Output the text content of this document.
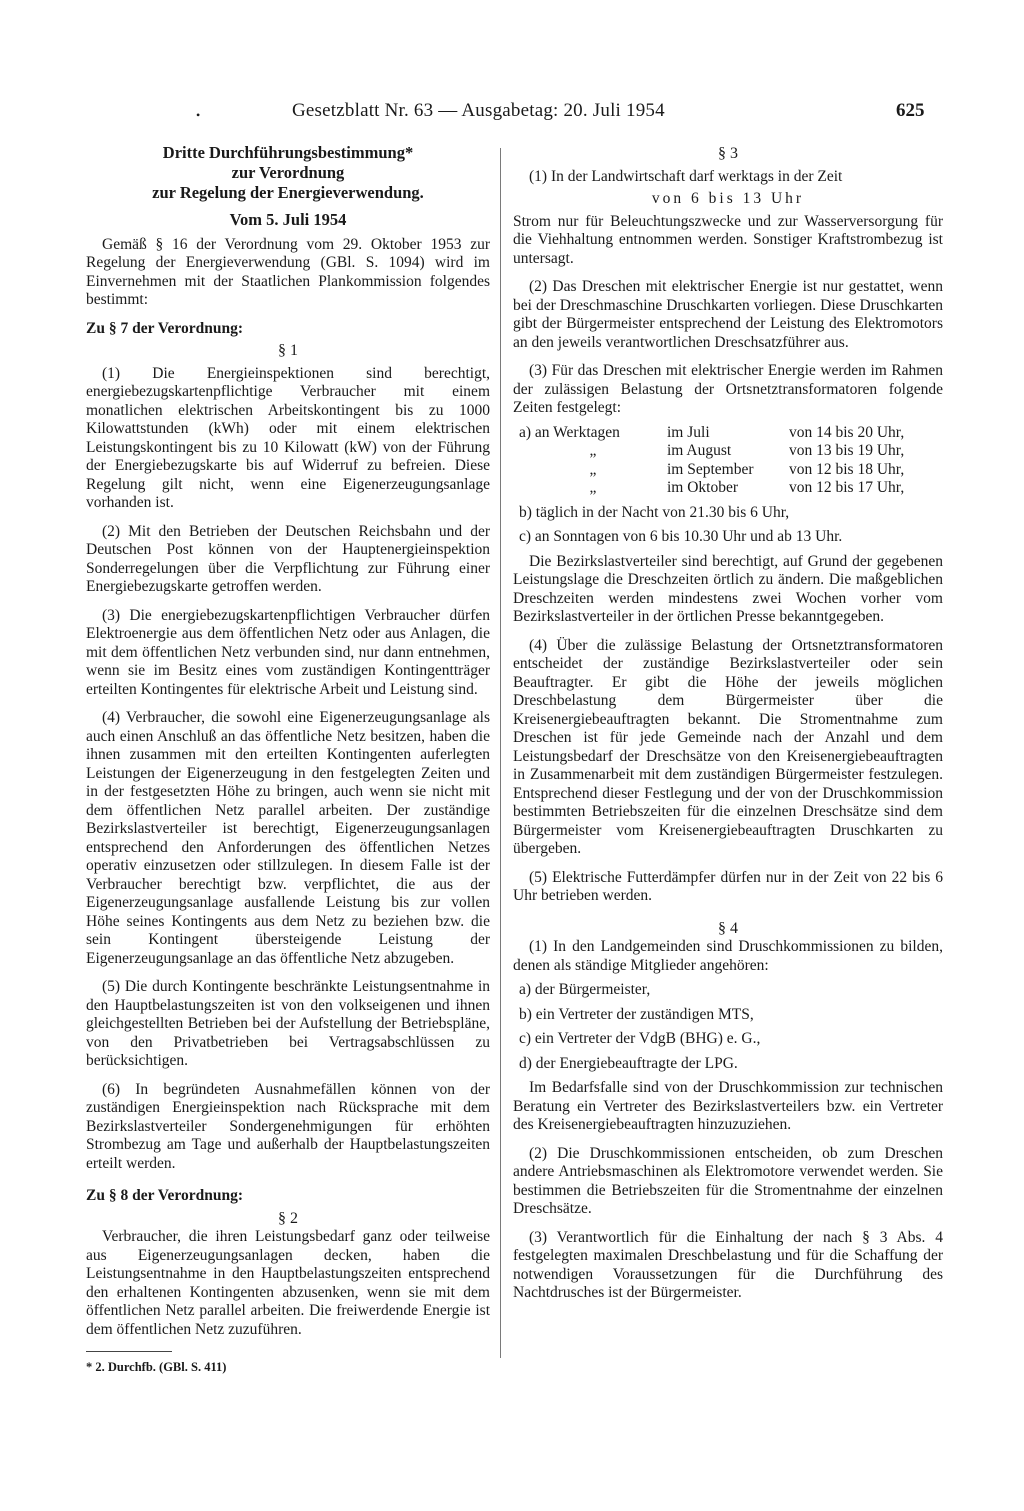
•	Gesetzblatt Nr. 63 — Ausgabetag: 20. Juli 1954	625

Dritte Durchführungsbestimmung*

zur Verordnung

zur Regelung der Energieverwendung.

Vom 5. Juli 1954

Gemäß § 16 der Verordnung vom 29. Oktober 1953 zur Regelung der Energieverwendung (GBl. S. 1094) wird im Einvernehmen mit der Staatlichen Plankommission folgendes bestimmt:

Zu § 7 der Verordnung:

§ 1

(1) Die Energieinspektionen sind berechtigt, energiebezugskartenpflichtige Verbraucher mit einem monatlichen elektrischen Arbeitskontingent bis zu 1000 Kilowattstunden (kWh) oder mit einem elektrischen Leistungskontingent bis zu 10 Kilowatt (kW) von der Führung der Energiebezugskarte bis auf Widerruf zu befreien. Diese Regelung gilt nicht, wenn eine Eigenerzeugungsanlage vorhanden ist.

(2) Mit den Betrieben der Deutschen Reichsbahn und der Deutschen Post können von der Hauptenergieinspektion Sonderregelungen über die Verpflichtung zur Führung einer Energiebezugskarte getroffen werden.

(3) Die energiebezugskartenpflichtigen Verbraucher dürfen Elektroenergie aus dem öffentlichen Netz oder aus Anlagen, die mit dem öffentlichen Netz verbunden sind, nur dann entnehmen, wenn sie im Besitz eines vom zuständigen Kontingentträger erteilten Kontingentes für elektrische Arbeit und Leistung sind.

(4) Verbraucher, die sowohl eine Eigenerzeugungsanlage als auch einen Anschluß an das öffentliche Netz besitzen, haben die ihnen zusammen mit den erteilten Kontingenten auferlegten Leistungen der Eigenerzeugung in den festgelegten Zeiten und in der festgesetzten Höhe zu bringen, auch wenn sie nicht mit dem öffentlichen Netz parallel arbeiten. Der zuständige Bezirkslastverteiler ist berechtigt, Eigenerzeugungsanlagen entsprechend den Anforderungen des öffentlichen Netzes operativ einzusetzen oder stillzulegen. In diesem Falle ist der Verbraucher berechtigt bzw. verpflichtet, die aus der Eigenerzeugungsanlage ausfallende Leistung bis zur vollen Höhe seines Kontingents aus dem Netz zu beziehen bzw. die sein Kontingent übersteigende Leistung der Eigenerzeugungsanlage an das öffentliche Netz abzugeben.

(5) Die durch Kontingente beschränkte Leistungsentnahme in den Hauptbelastungszeiten ist von den volkseigenen und ihnen gleichgestellten Betrieben bei der Aufstellung der Betriebspläne, von den Privatbetrieben bei Vertragsabschlüssen zu berücksichtigen.

(6) In begründeten Ausnahmefällen können von der zuständigen Energieinspektion nach Rücksprache mit dem Bezirkslastverteiler Sondergenehmigungen für erhöhten Strombezug am Tage und außerhalb der Hauptbelastungszeiten erteilt werden.

Zu § 8 der Verordnung:

§ 2

Verbraucher, die ihren Leistungsbedarf ganz oder teilweise aus Eigenerzeugungsanlagen decken, haben die Leistungsentnahme in den Hauptbelastungszeiten entsprechend den erhaltenen Kontingenten abzusenken, wenn sie mit dem öffentlichen Netz parallel arbeiten. Die freiwerdende Energie ist dem öffentlichen Netz zuzuführen.

* 2. Durchfb. (GBl. S. 411)

§ 3

(1) In der Landwirtschaft darf werktags in der Zeit

von 6 bis 13 Uhr

Strom nur für Beleuchtungszwecke und zur Wasserversorgung für die Viehhaltung entnommen werden. Sonstiger Kraftstrombezug ist untersagt.

(2) Das Dreschen mit elektrischer Energie ist nur gestattet, wenn bei der Dreschmaschine Druschkarten vorliegen. Diese Druschkarten gibt der Bürgermeister entsprechend der Leistung des Elektromotors an den jeweils verantwortlichen Dreschsatzführer aus.

(3) Für das Dreschen mit elektrischer Energie werden im Rahmen der zulässigen Belastung der Ortsnetztransformatoren folgende Zeiten festgelegt:

a) an Werktagen	im Juli	von 14 bis 20 Uhr,
„	im August	von 13 bis 19 Uhr,
„	im September	von 12 bis 18 Uhr,
„	im Oktober	von 12 bis 17 Uhr,

b) täglich in der Nacht von 21.30 bis 6 Uhr,

c) an Sonntagen von 6 bis 10.30 Uhr und ab 13 Uhr.

Die Bezirkslastverteiler sind berechtigt, auf Grund der gegebenen Leistungslage die Dreschzeiten örtlich zu ändern. Die maßgeblichen Dreschzeiten werden mindestens zwei Wochen vorher vom Bezirkslastverteiler in der örtlichen Presse bekanntgegeben.

(4) Über die zulässige Belastung der Ortsnetztransformatoren entscheidet der zuständige Bezirkslastverteiler oder sein Beauftragter. Er gibt die Höhe der jeweils möglichen Dreschbelastung dem Bürgermeister über die Kreisenergiebeauftragten bekannt. Die Stromentnahme zum Dreschen ist für jede Gemeinde nach der Anzahl und dem Leistungsbedarf der Dreschsätze von den Kreisenergiebeauftragten in Zusammenarbeit mit dem zuständigen Bürgermeister festzulegen. Entsprechend dieser Festlegung und der von der Druschkommission bestimmten Betriebszeiten für die einzelnen Dreschsätze sind dem Bürgermeister vom Kreisenergiebeauftragten Druschkarten zu übergeben.

(5) Elektrische Futterdämpfer dürfen nur in der Zeit von 22 bis 6 Uhr betrieben werden.

§ 4

(1) In den Landgemeinden sind Druschkommissionen zu bilden, denen als ständige Mitglieder angehören:

a) der Bürgermeister,

b) ein Vertreter der zuständigen MTS,

c) ein Vertreter der VdgB (BHG) e. G.,

d) der Energiebeauftragte der LPG.

Im Bedarfsfalle sind von der Druschkommission zur technischen Beratung ein Vertreter des Bezirkslastverteilers bzw. ein Vertreter des Kreisenergiebeauftragten hinzuzuziehen.

(2) Die Druschkommissionen entscheiden, ob zum Dreschen andere Antriebsmaschinen als Elektromotore verwendet werden. Sie bestimmen die Betriebszeiten für die Stromentnahme der einzelnen Dreschsätze.

(3) Verantwortlich für die Einhaltung der nach § 3 Abs. 4 festgelegten maximalen Dreschbelastung und für die Schaffung der notwendigen Voraussetzungen für die Durchführung des Nachtdrusches ist der Bürgermeister.
